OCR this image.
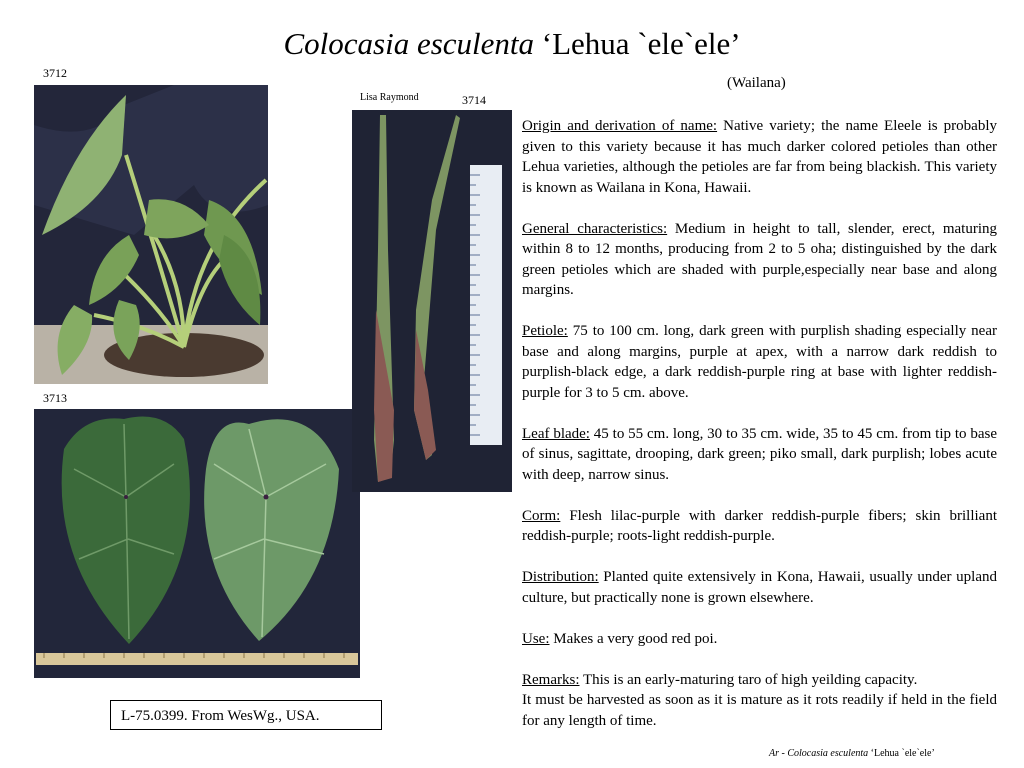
Colocasia esculenta ‘Lehua `ele`ele’
(Wailana)
3712
3713
3714
Lisa Raymond

Origin and derivation of name: Native variety; the name Eleele is probably given to this variety because it has much darker colored petioles than other Lehua varieties, although the petioles are far from being blackish. This variety is known as Wailana in Kona, Hawaii.

General characteristics: Medium in height to tall, slender, erect, maturing within 8 to 12 months, producing from 2 to 5 oha; distinguished by the dark green petioles which are shaded with purple,especially near base and along margins.

Petiole: 75 to 100 cm. long, dark green with purplish shading especially near base and along margins, purple at apex, with a narrow dark reddish to purplish-black edge, a dark reddish-purple ring at base with lighter reddish-purple for 3 to 5 cm. above.

Leaf blade: 45 to 55 cm. long, 30 to 35 cm. wide, 35 to 45 cm. from tip to base of sinus, sagittate, drooping, dark green; piko small, dark purplish; lobes acute with deep, narrow sinus.

Corm: Flesh lilac-purple with darker reddish-purple fibers; skin brilliant reddish-purple; roots-light reddish-purple.

Distribution: Planted quite extensively in Kona, Hawaii, usually under upland culture, but practically none is grown elsewhere.

Use: Makes a very good red poi.

Remarks: This is an early-maturing taro of high yeilding capacity.
It must be harvested as soon as it is mature as it rots readily if held in the field for any length of time.

L-75.0399. From WesWg., USA.
Ar - Colocasia esculenta ‘Lehua `ele`ele’
